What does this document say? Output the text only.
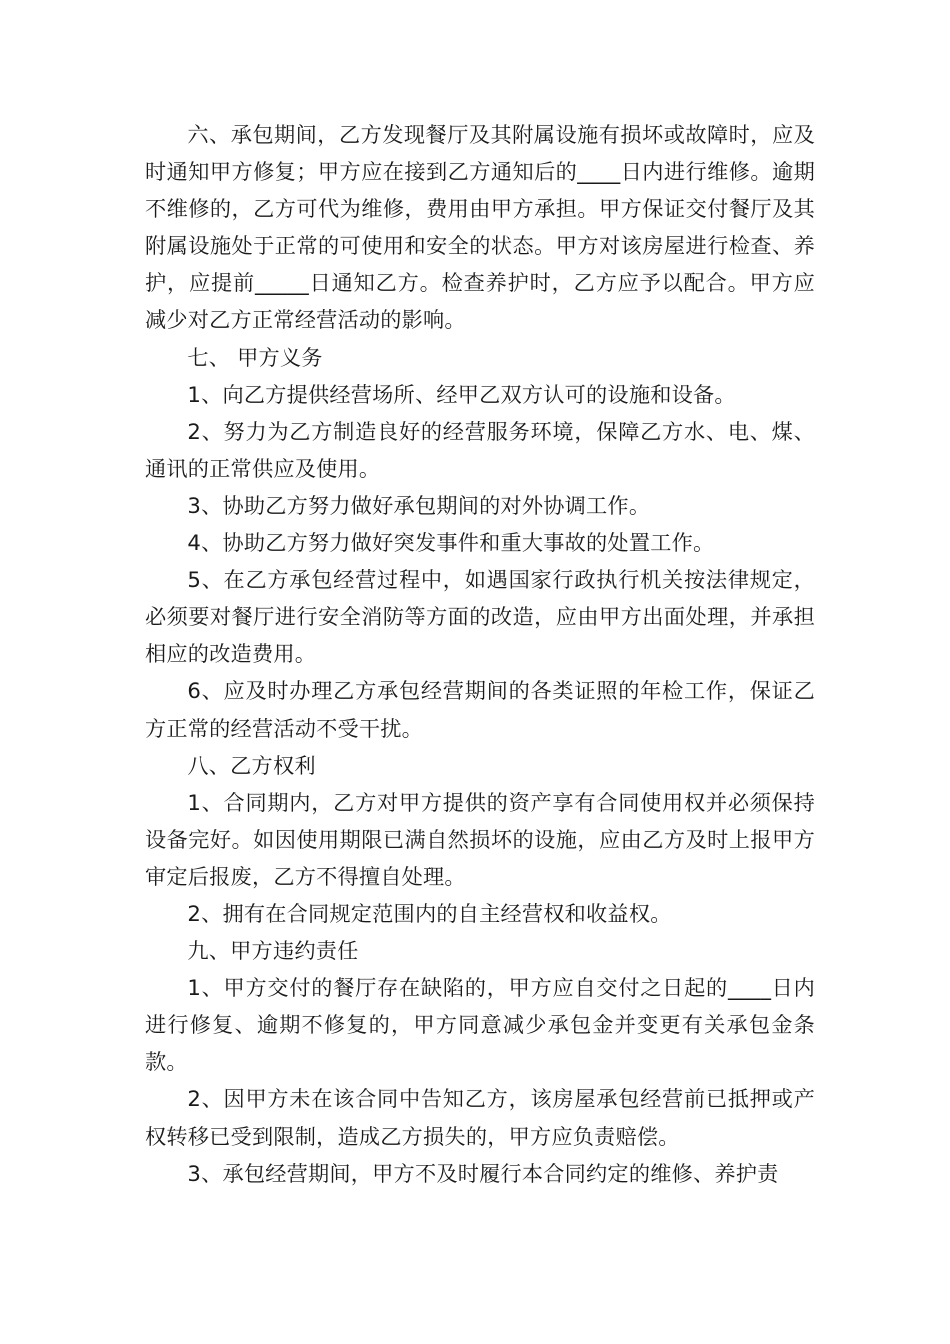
六、承包期间，乙方发现餐厅及其附属设施有损坏或故障时，应及时通知甲方修复；甲方应在接到乙方通知后的____日内进行维修。逾期不维修的，乙方可代为维修，费用由甲方承担。甲方保证交付餐厅及其附属设施处于正常的可使用和安全的状态。甲方对该房屋进行检查、养护，应提前_____日通知乙方。检查养护时，乙方应予以配合。甲方应减少对乙方正常经营活动的影响。

七、 甲方义务

1、向乙方提供经营场所、经甲乙双方认可的设施和设备。

2、努力为乙方制造良好的经营服务环境，保障乙方水、电、煤、通讯的正常供应及使用。

3、协助乙方努力做好承包期间的对外协调工作。

4、协助乙方努力做好突发事件和重大事故的处置工作。

5、在乙方承包经营过程中，如遇国家行政执行机关按法律规定，必须要对餐厅进行安全消防等方面的改造，应由甲方出面处理，并承担相应的改造费用。

6、应及时办理乙方承包经营期间的各类证照的年检工作，保证乙方正常的经营活动不受干扰。

八、乙方权利

1、合同期内，乙方对甲方提供的资产享有合同使用权并必须保持设备完好。如因使用期限已满自然损坏的设施，应由乙方及时上报甲方审定后报废，乙方不得擅自处理。

2、拥有在合同规定范围内的自主经营权和收益权。

九、甲方违约责任

1、甲方交付的餐厅存在缺陷的，甲方应自交付之日起的____日内进行修复、逾期不修复的，甲方同意减少承包金并变更有关承包金条款。

2、因甲方未在该合同中告知乙方，该房屋承包经营前已抵押或产权转移已受到限制，造成乙方损失的，甲方应负责赔偿。

3、承包经营期间，甲方不及时履行本合同约定的维修、养护责
